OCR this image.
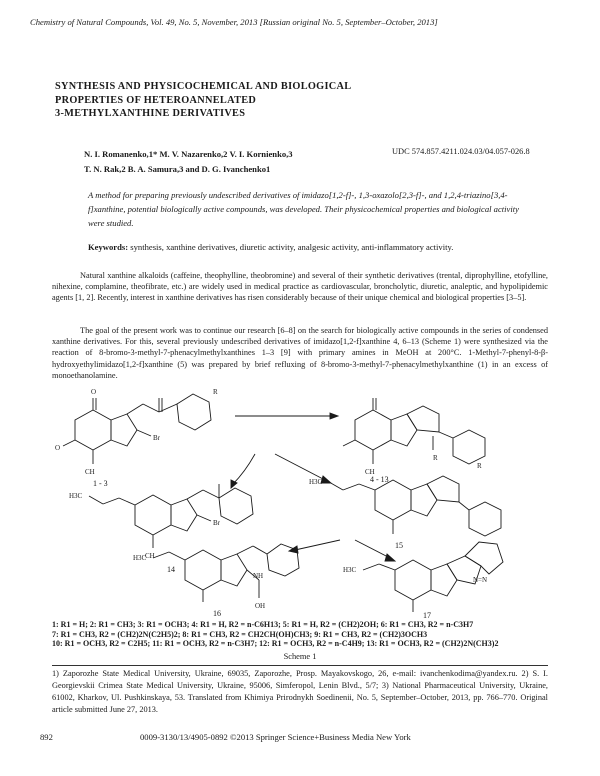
Chemistry of Natural Compounds, Vol. 49, No. 5, November, 2013 [Russian original No. 5, September–October, 2013]
SYNTHESIS AND PHYSICOCHEMICAL AND BIOLOGICAL
PROPERTIES OF HETEROANNELATED
3-METHYLXANTHINE DERIVATIVES
N. I. Romanenko,1* M. V. Nazarenko,2 V. I. Kornienko,3
T. N. Rak,2 B. A. Samura,3 and D. G. Ivanchenko1
UDC 574.857.4211.024.03/04.057-026.8
A method for preparing previously undescribed derivatives of imidazo[1,2-f]-, 1,3-oxazolo[2,3-f]-, and 1,2,4-triazino[3,4-f]xanthine, potential biologically active compounds, was developed. Their physicochemical properties and biological activity were studied.
Keywords: synthesis, xanthine derivatives, diuretic activity, analgesic activity, anti-inflammatory activity.

Natural xanthine alkaloids (caffeine, theophylline, theobromine) and several of their synthetic derivatives (trental, diprophylline, etofylline, nihexine, complamine, theofibrate, etc.) are widely used in medical practice as cardiovascular, broncholytic, diuretic, analeptic, and hypolipidemic agents [1, 2]. Recently, interest in xanthine derivatives has risen considerably because of their unique chemical and biological properties [3–5].

The goal of the present work was to continue our research [6–8] on the search for biologically active compounds in the series of condensed xanthine derivatives. For this, several previously undescribed derivatives of imidazo[1,2-f]xanthine 4, 6–13 (Scheme 1) were synthesized via the reaction of 8-bromo-3-methyl-7-phenacylmethylxanthines 1–3 [9] with primary amines in MeOH at 200°C. 1-Methyl-7-phenyl-8-β-hydroxyethylimidazo[1,2-f]xanthine (5) was prepared by brief refluxing of 8-bromo-3-methyl-7-phenacylmethylxanthine (1) in an excess of monoethanolamine.

O
O
CH
Br
R
1 - 3
R
R
CH
4 - 13
H3C
Br
CH
14
H3C
15
H3C
NH
OH
16
H3C
N=N
17
1: R1 = H; 2: R1 = CH3; 3: R1 = OCH3; 4: R1 = H, R2 = n-C6H13; 5: R1 = H, R2 = (CH2)2OH; 6: R1 = CH3, R2 = n-C3H7
7: R1 = CH3, R2 = (CH2)2N(C2H5)2; 8: R1 = CH3, R2 = CH2CH(OH)CH3; 9: R1 = CH3, R2 = (CH2)3OCH3
10: R1 = OCH3, R2 = C2H5; 11: R1 = OCH3, R2 = n-C3H7; 12: R1 = OCH3, R2 = n-C4H9; 13: R1 = OCH3, R2 = (CH2)2N(CH3)2
Scheme 1
1) Zaporozhe State Medical University, Ukraine, 69035, Zaporozhe, Prosp. Mayakovskogo, 26, e-mail: ivanchenkodima@yandex.ru. 2) S. I. Georgievskii Crimea State Medical University, Ukraine, 95006, Simferopol, Lenin Blvd., 5/7; 3) National Pharmaceutical University, Ukraine, 61002, Kharkov, Ul. Pushkinskaya, 53. Translated from Khimiya Prirodnykh Soedinenii, No. 5, September–October, 2013, pp. 766–770. Original article submitted June 27, 2013.
892	0009-3130/13/4905-0892 ©2013 Springer Science+Business Media New York
